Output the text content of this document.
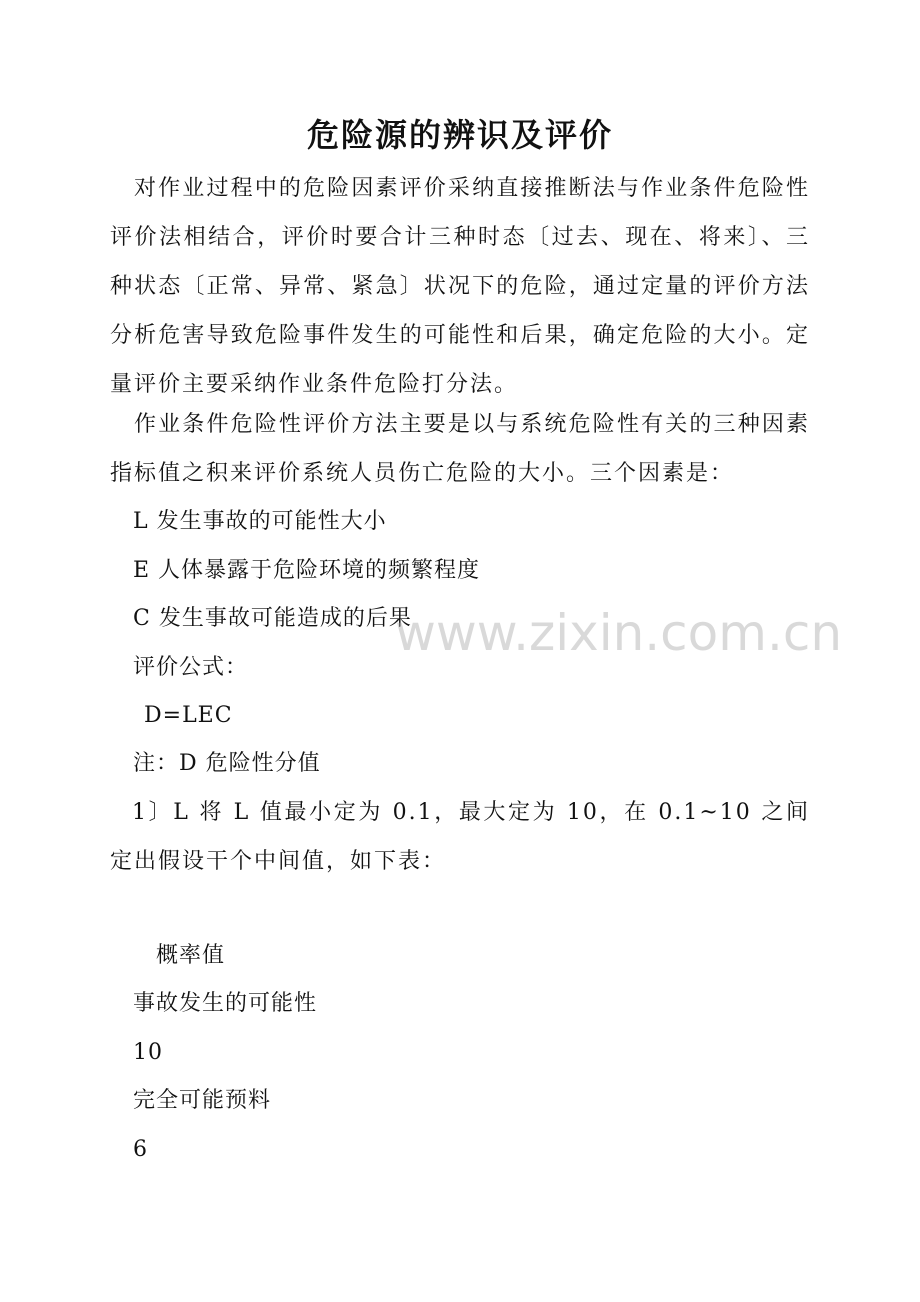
危险源的辨识及评价

对作业过程中的危险因素评价采纳直接推断法与作业条件危险性评价法相结合，评价时要合计三种时态〔过去、现在、将来〕、三种状态〔正常、异常、紧急〕状况下的危险，通过定量的评价方法分析危害导致危险事件发生的可能性和后果，确定危险的大小。定量评价主要采纳作业条件危险打分法。

作业条件危险性评价方法主要是以与系统危险性有关的三种因素指标值之积来评价系统人员伤亡危险的大小。三个因素是：

L 发生事故的可能性大小
E 人体暴露于危险环境的频繁程度
C 发生事故可能造成的后果
评价公式：
D=LEC
注：D 危险性分值

1〕L 将 L 值最小定为 0.1，最大定为 10，在 0.1~10 之间定出假设干个中间值，如下表：

概率值
事故发生的可能性
10
完全可能预料
6
www.zixin.com.cn
